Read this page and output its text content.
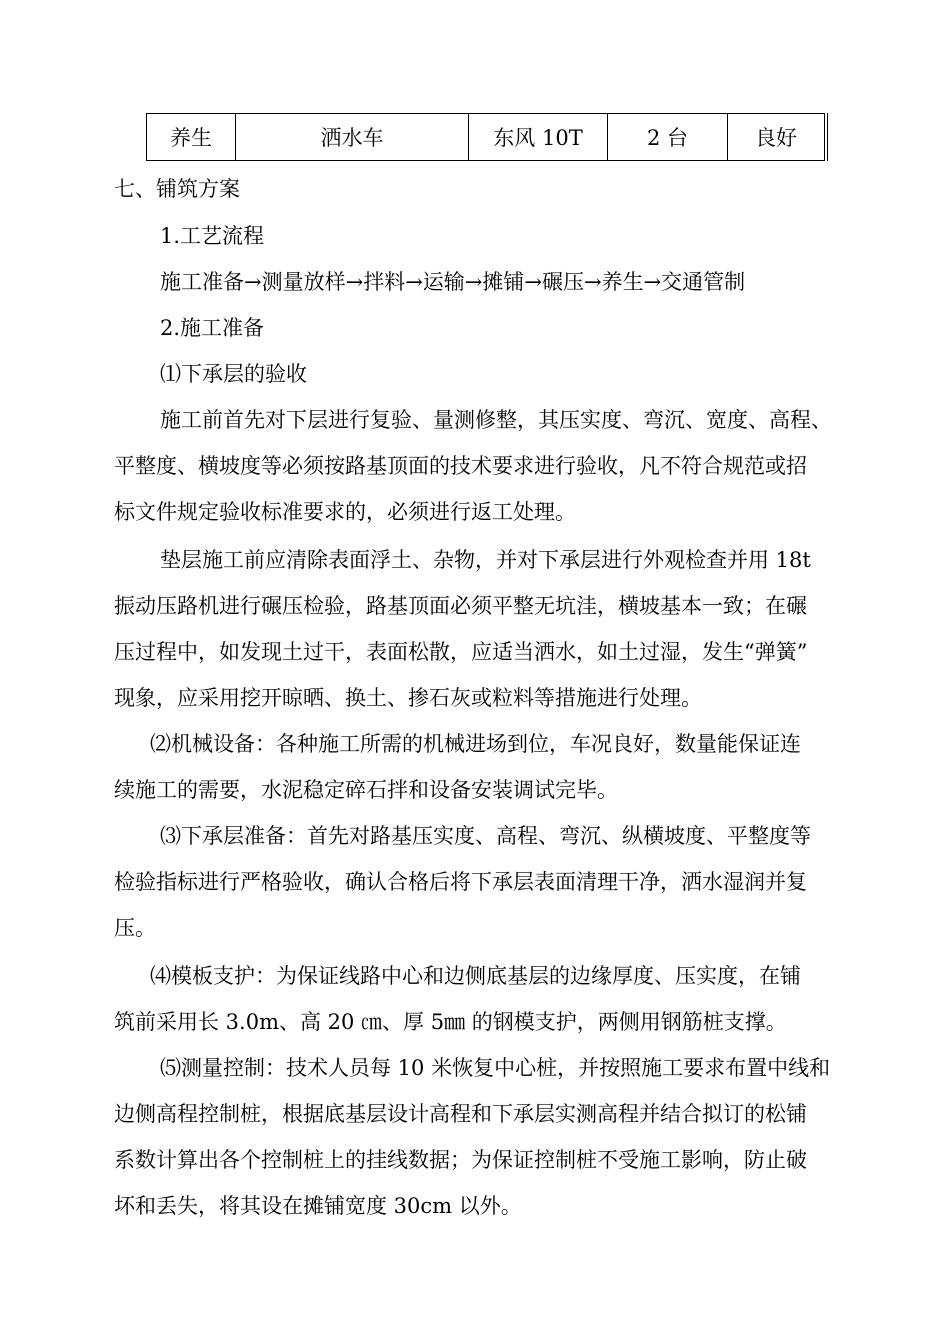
养生	洒水车	东风 10T	2 台	良好
七、铺筑方案
1.工艺流程
施工准备→测量放样→拌料→运输→摊铺→碾压→养生→交通管制
2.施工准备
⑴下承层的验收
施工前首先对下层进行复验、量测修整，其压实度、弯沉、宽度、高程、
平整度、横坡度等必须按路基顶面的技术要求进行验收，凡不符合规范或招
标文件规定验收标准要求的，必须进行返工处理。
垫层施工前应清除表面浮土、杂物，并对下承层进行外观检查并用 18t
振动压路机进行碾压检验，路基顶面必须平整无坑洼，横坡基本一致；在碾
压过程中，如发现土过干，表面松散，应适当洒水，如土过湿，发生“弹簧”
现象，应采用挖开晾晒、换土、掺石灰或粒料等措施进行处理。
⑵机械设备：各种施工所需的机械进场到位，车况良好，数量能保证连
续施工的需要，水泥稳定碎石拌和设备安装调试完毕。
⑶下承层准备：首先对路基压实度、高程、弯沉、纵横坡度、平整度等
检验指标进行严格验收，确认合格后将下承层表面清理干净，洒水湿润并复
压。
⑷模板支护：为保证线路中心和边侧底基层的边缘厚度、压实度，在铺
筑前采用长 3.0m、高 20 ㎝、厚 5㎜ 的钢模支护，两侧用钢筋桩支撑。
⑸测量控制：技术人员每 10 米恢复中心桩，并按照施工要求布置中线和
边侧高程控制桩，根据底基层设计高程和下承层实测高程并结合拟订的松铺
系数计算出各个控制桩上的挂线数据；为保证控制桩不受施工影响，防止破
坏和丢失，将其设在摊铺宽度 30cm 以外。
